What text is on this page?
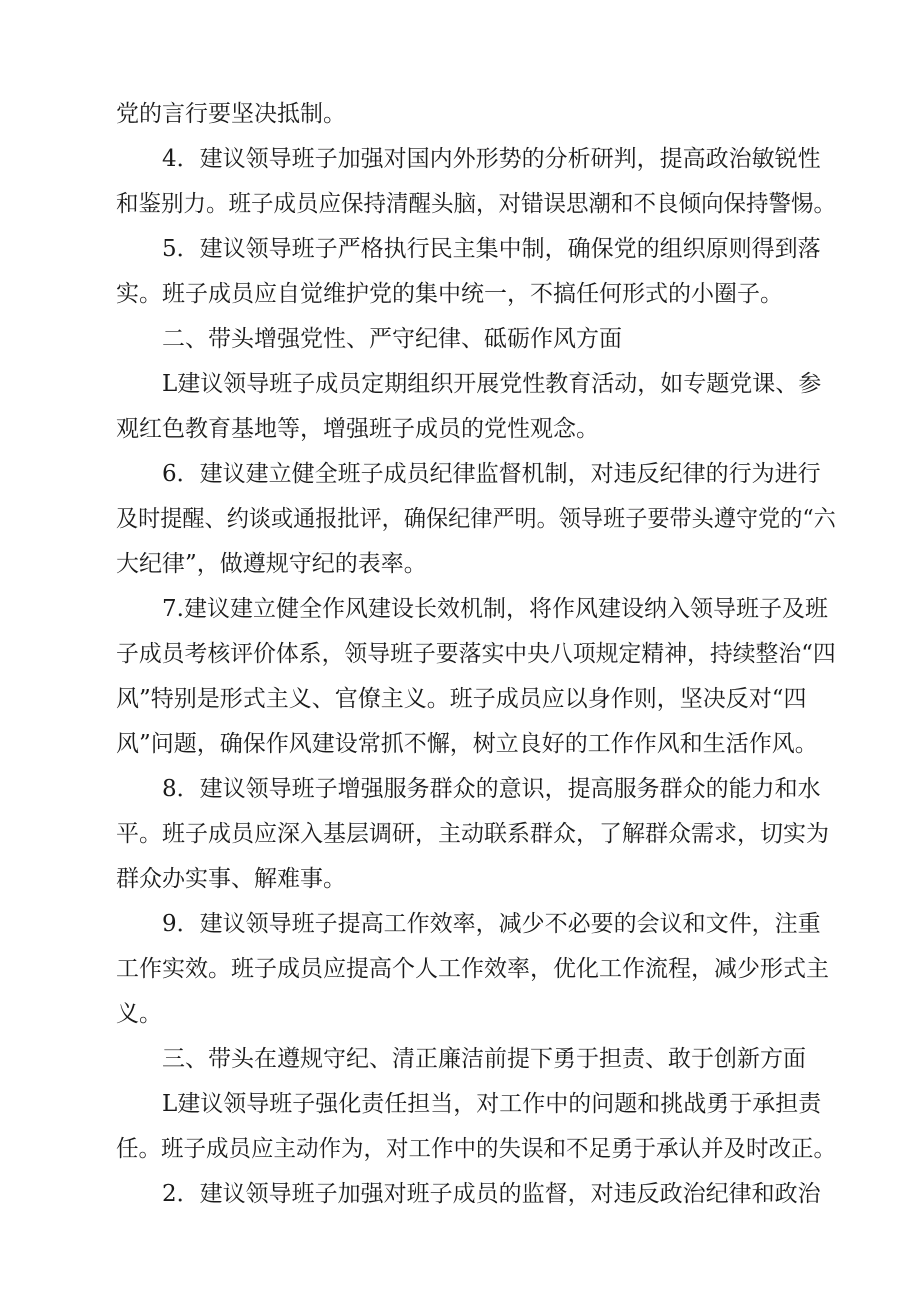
党的言行要坚决抵制。
4．建议领导班子加强对国内外形势的分析研判，提高政治敏锐性
和鉴别力。班子成员应保持清醒头脑，对错误思潮和不良倾向保持警惕。
5．建议领导班子严格执行民主集中制，确保党的组织原则得到落
实。班子成员应自觉维护党的集中统一，不搞任何形式的小圈子。
二、带头增强党性、严守纪律、砥砺作风方面
L建议领导班子成员定期组织开展党性教育活动，如专题党课、参
观红色教育基地等，增强班子成员的党性观念。
6．建议建立健全班子成员纪律监督机制，对违反纪律的行为进行
及时提醒、约谈或通报批评，确保纪律严明。领导班子要带头遵守党的“六
大纪律”，做遵规守纪的表率。
7.建议建立健全作风建设长效机制，将作风建设纳入领导班子及班
子成员考核评价体系，领导班子要落实中央八项规定精神，持续整治“四
风”特别是形式主义、官僚主义。班子成员应以身作则，坚决反对“四
风”问题，确保作风建设常抓不懈，树立良好的工作作风和生活作风。
8．建议领导班子增强服务群众的意识，提高服务群众的能力和水
平。班子成员应深入基层调研，主动联系群众，了解群众需求，切实为
群众办实事、解难事。
9．建议领导班子提高工作效率，减少不必要的会议和文件，注重
工作实效。班子成员应提高个人工作效率，优化工作流程，减少形式主
义。
三、带头在遵规守纪、清正廉洁前提下勇于担责、敢于创新方面
L建议领导班子强化责任担当，对工作中的问题和挑战勇于承担责
任。班子成员应主动作为，对工作中的失误和不足勇于承认并及时改正。
2．建议领导班子加强对班子成员的监督，对违反政治纪律和政治
